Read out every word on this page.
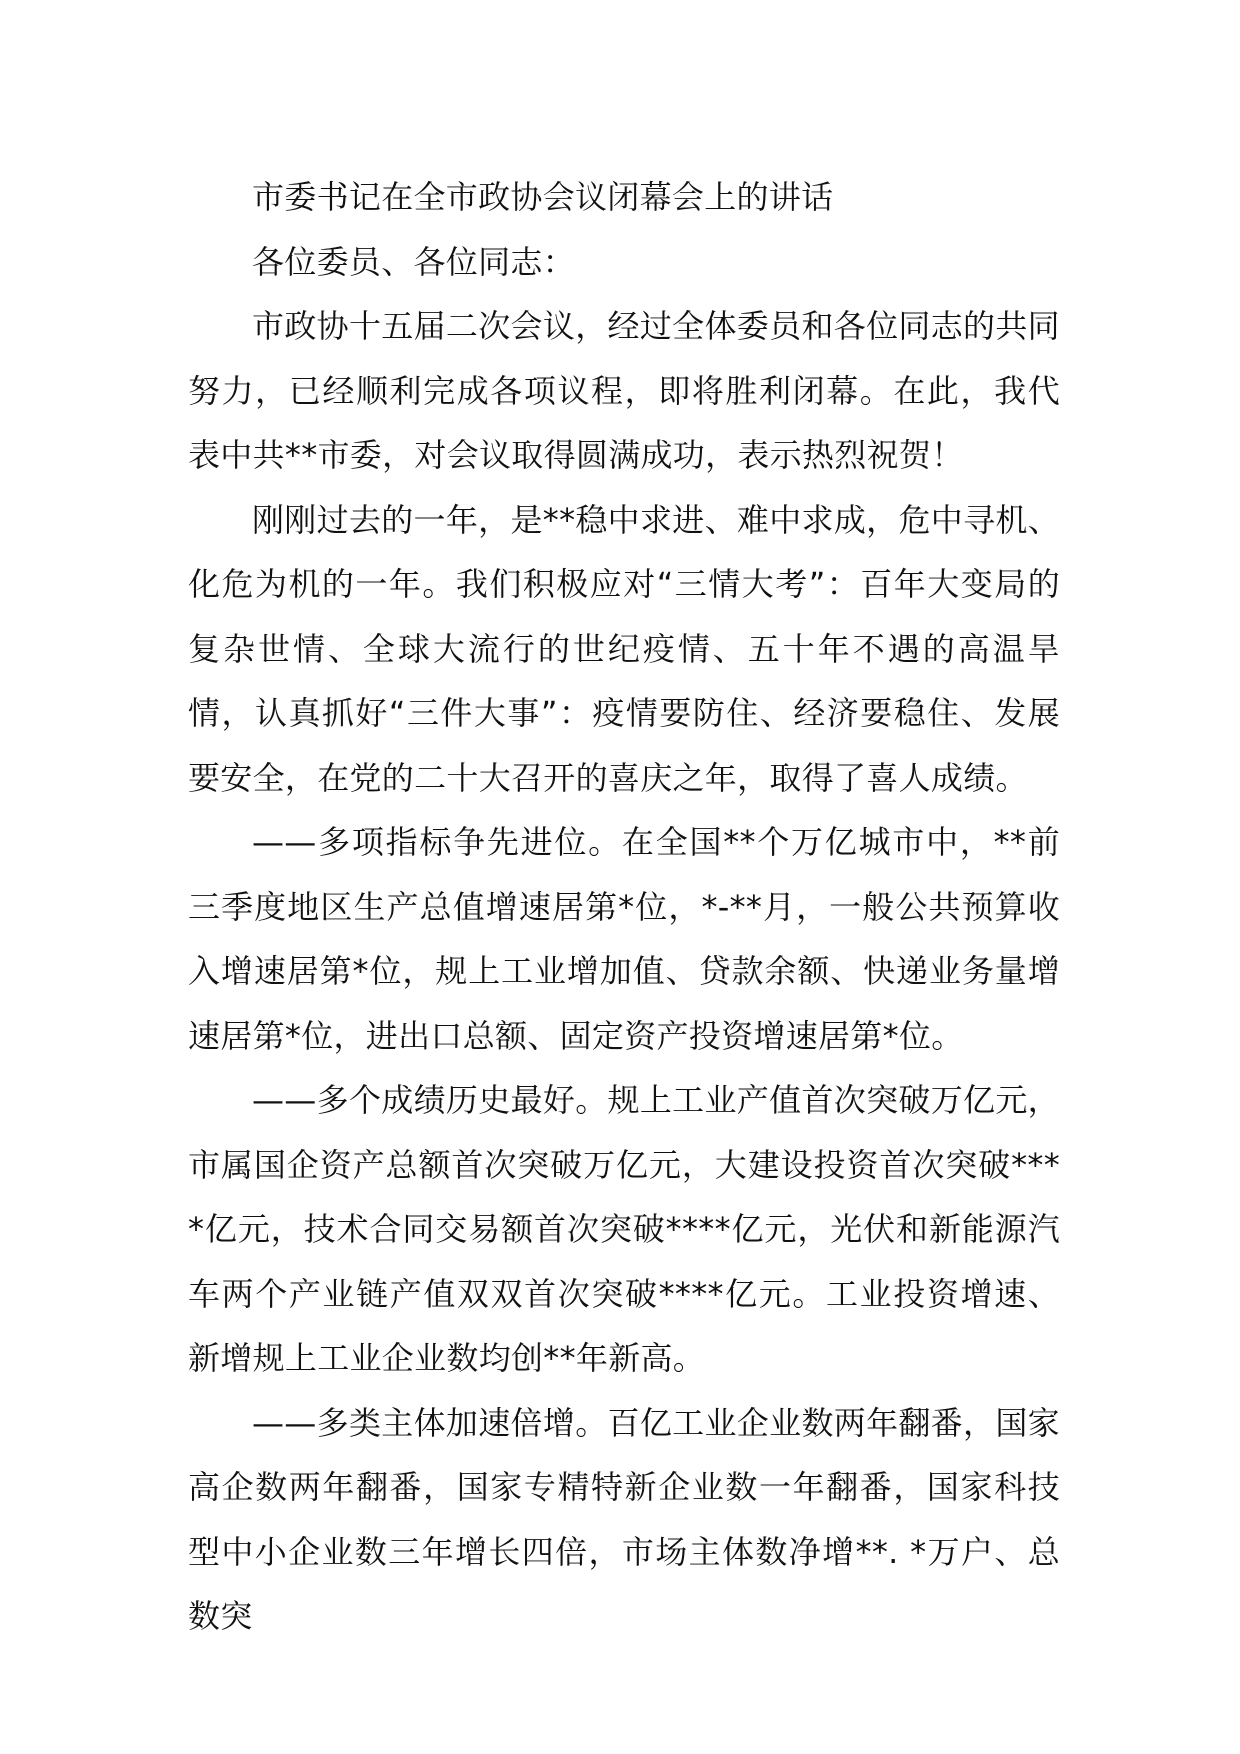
市委书记在全市政协会议闭幕会上的讲话

各位委员、各位同志：

市政协十五届二次会议，经过全体委员和各位同志的共同努力，已经顺利完成各项议程，即将胜利闭幕。在此，我代表中共**市委，对会议取得圆满成功，表示热烈祝贺！

刚刚过去的一年，是**稳中求进、难中求成，危中寻机、化危为机的一年。我们积极应对“三情大考”：百年大变局的复杂世情、全球大流行的世纪疫情、五十年不遇的高温旱情，认真抓好“三件大事”：疫情要防住、经济要稳住、发展要安全，在党的二十大召开的喜庆之年，取得了喜人成绩。

——多项指标争先进位。在全国**个万亿城市中，**前三季度地区生产总值增速居第*位，*-**月，一般公共预算收入增速居第*位，规上工业增加值、贷款余额、快递业务量增速居第*位，进出口总额、固定资产投资增速居第*位。

——多个成绩历史最好。规上工业产值首次突破万亿元，市属国企资产总额首次突破万亿元，大建设投资首次突破****亿元，技术合同交易额首次突破****亿元，光伏和新能源汽车两个产业链产值双双首次突破****亿元。工业投资增速、新增规上工业企业数均创**年新高。

——多类主体加速倍增。百亿工业企业数两年翻番，国家高企数两年翻番，国家专精特新企业数一年翻番，国家科技型中小企业数三年增长四倍，市场主体数净增**. *万户、总数突
